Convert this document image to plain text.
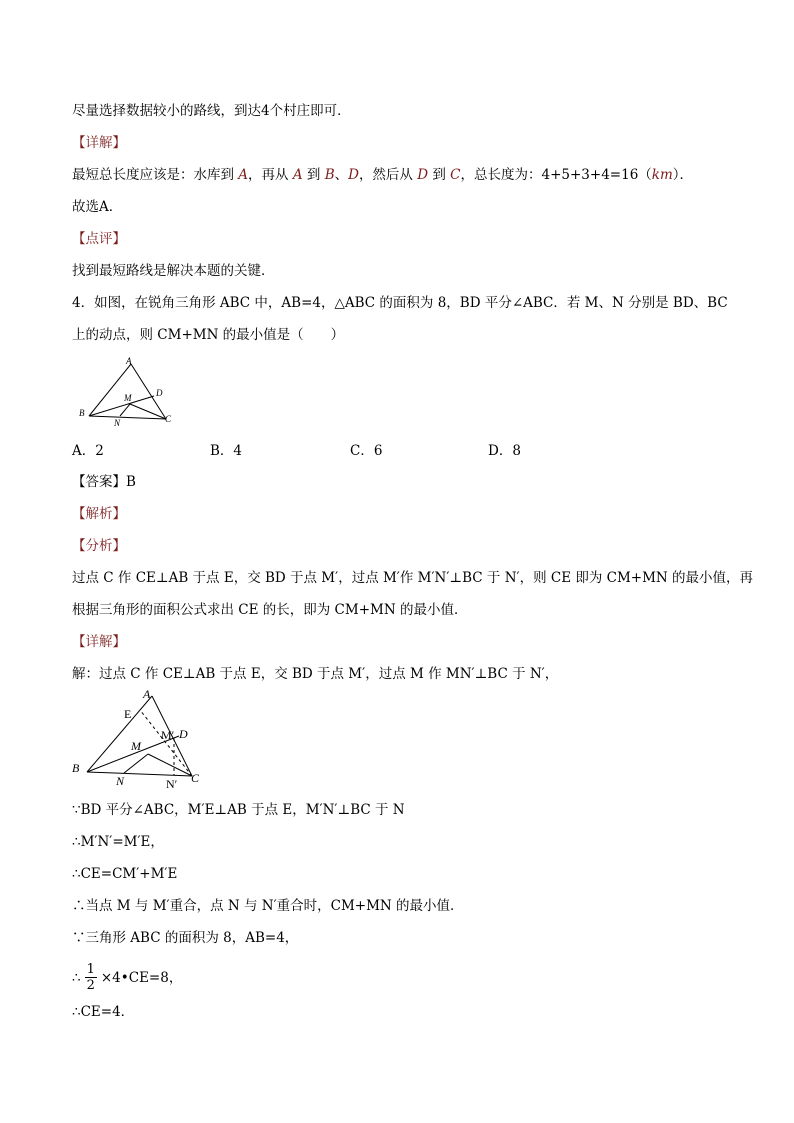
尽量选择数据较小的路线，到达4个村庄即可．
【详解】
最短总长度应该是：水库到 A，再从 A 到 B、D，然后从 D 到 C，总长度为：4+5+3+4=16（km）．
故选A．
【点评】
找到最短路线是解决本题的关键．
4．如图，在锐角三角形 ABC 中，AB=4，△ABC 的面积为 8，BD 平分∠ABC．若 M、N 分别是 BD、BC
上的动点，则 CM+MN 的最小值是（　　）
A
B
C
D
M
N
A．2	B．4	C．6	D．8
【答案】B
【解析】
【分析】
过点 C 作 CE⊥AB 于点 E，交 BD 于点 M′，过点 M′作 M′N′⊥BC 于 N′，则 CE 即为 CM+MN 的最小值，再
根据三角形的面积公式求出 CE 的长，即为 CM+MN 的最小值．
【详解】
解：过点 C 作 CE⊥AB 于点 E，交 BD 于点 M′，过点 M 作 MN′⊥BC 于 N′，
A
E
B
C
D
M
M′
N	N′
∵BD 平分∠ABC，M′E⊥AB 于点 E，M′N′⊥BC 于 N
∴M′N′=M′E，
∴CE=CM′+M′E
∴当点 M 与 M′重合，点 N 与 N′重合时，CM+MN 的最小值．
∵三角形 ABC 的面积为 8，AB=4，
∴ $\frac{1}{2}$ ×4•CE=8，
∴CE=4．
